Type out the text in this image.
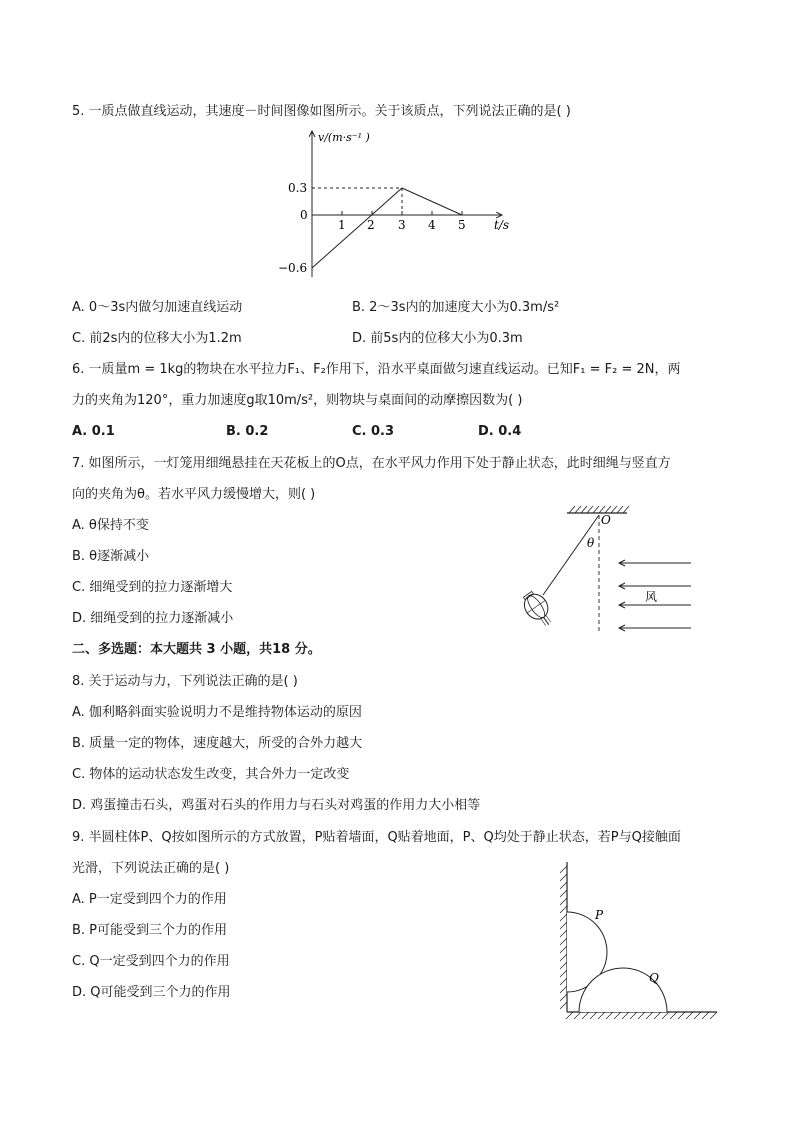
5. 一质点做直线运动，其速度－时间图像如图所示。关于该质点，下列说法正确的是( )
v/(m·s⁻¹ )
t/s
0.3
0
−0.6
1 2 3 4 5
A. 0～3s内做匀加速直线运动	B. 2～3s内的加速度大小为0.3m/s²
C. 前2s内的位移大小为1.2m	D. 前5s内的位移大小为0.3m
6. 一质量m = 1kg的物块在水平拉力F₁、F₂作用下，沿水平桌面做匀速直线运动。已知F₁ = F₂ = 2N，两
力的夹角为120°，重力加速度g取10m/s²，则物块与桌面间的动摩擦因数为( )
A. 0.1	B. 0.2	C. 0.3	D. 0.4
7. 如图所示，一灯笼用细绳悬挂在天花板上的O点，在水平风力作用下处于静止状态，此时细绳与竖直方
向的夹角为θ。若水平风力缓慢增大，则( )
A. θ保持不变
B. θ逐渐减小
C. 细绳受到的拉力逐渐增大
D. 细绳受到的拉力逐渐减小
O
θ
风
二、多选题：本大题共 3 小题，共18 分。
8. 关于运动与力，下列说法正确的是( )
A. 伽利略斜面实验说明力不是维持物体运动的原因
B. 质量一定的物体，速度越大，所受的合外力越大
C. 物体的运动状态发生改变，其合外力一定改变
D. 鸡蛋撞击石头，鸡蛋对石头的作用力与石头对鸡蛋的作用力大小相等
9. 半圆柱体P、Q按如图所示的方式放置，P贴着墙面，Q贴着地面，P、Q均处于静止状态，若P与Q接触面
光滑，下列说法正确的是( )
A. P一定受到四个力的作用
B. P可能受到三个力的作用
C. Q一定受到四个力的作用
D. Q可能受到三个力的作用
P
Q
